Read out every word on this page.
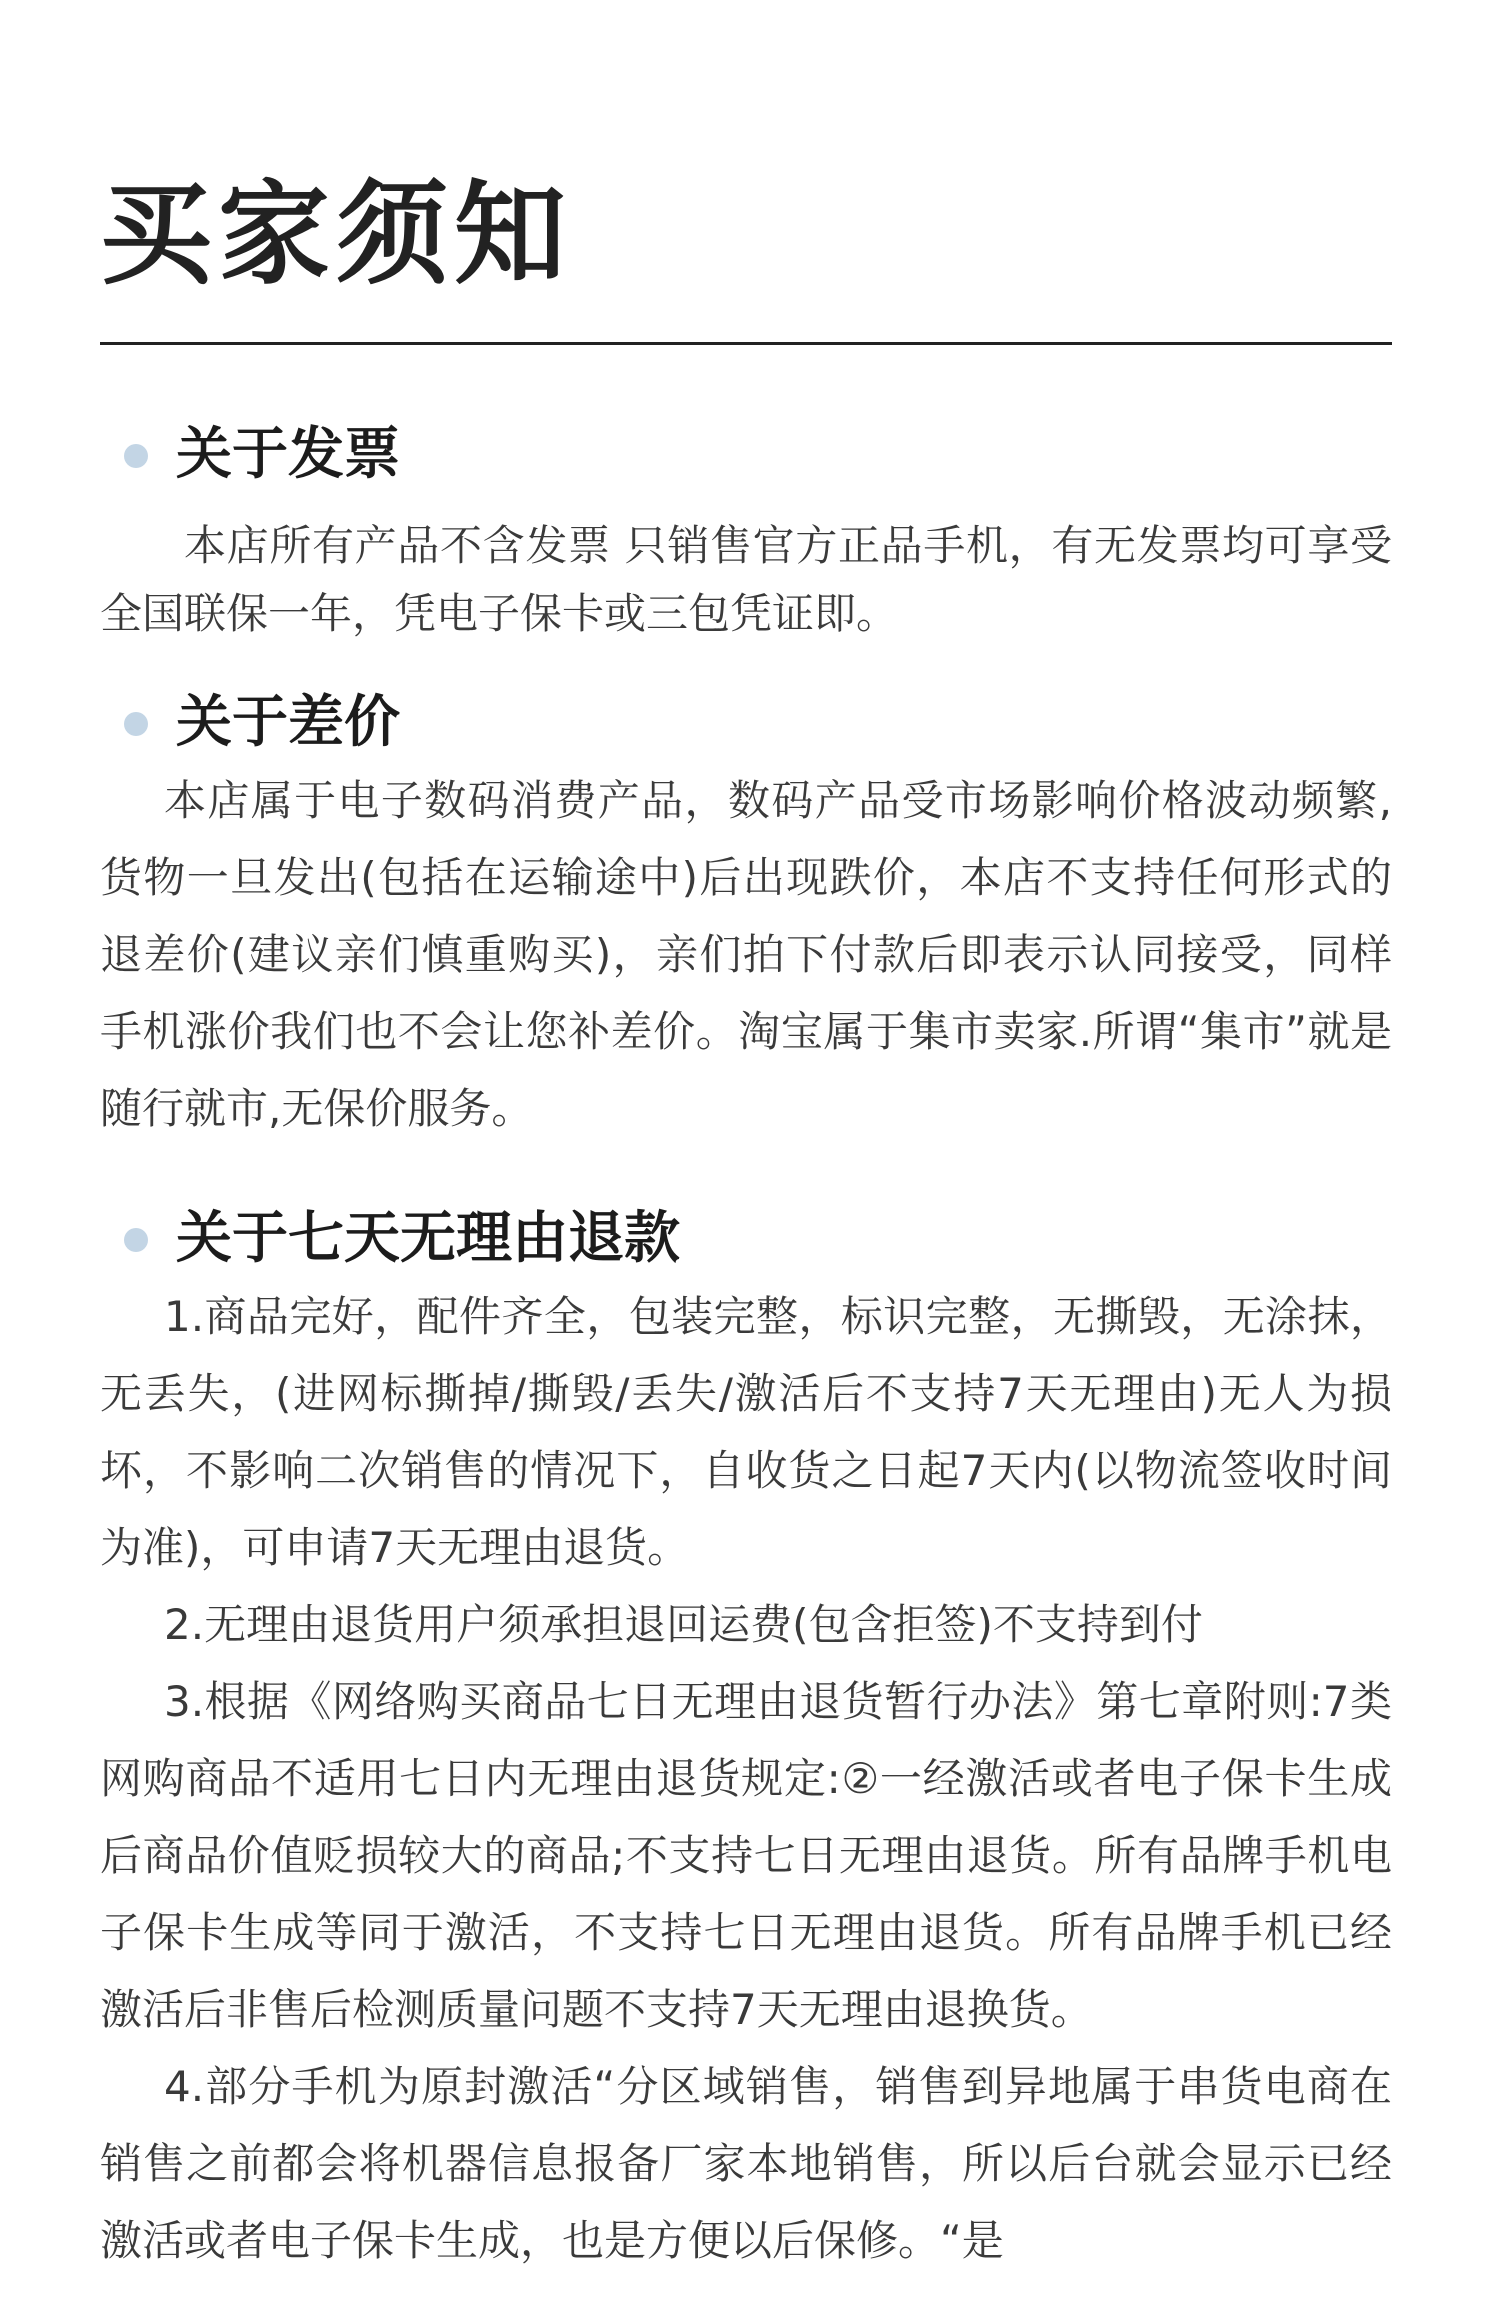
买家须知
关于发票

本店所有产品不含发票 只销售官方正品手机，有无发票均可享受全国联保一年，凭电子保卡或三包凭证即。

关于差价

本店属于电子数码消费产品，数码产品受市场影响价格波动频繁,货物一旦发出(包括在运输途中)后出现跌价，本店不支持任何形式的退差价(建议亲们慎重购买)，亲们拍下付款后即表示认同接受，同样手机涨价我们也不会让您补差价。淘宝属于集市卖家.所谓“集市”就是随行就市,无保价服务。

关于七天无理由退款

1.商品完好，配件齐全，包装完整，标识完整，无撕毁，无涂抹，无丢失，(进网标撕掉/撕毁/丢失/激活后不支持7天无理由)无人为损坏，不影响二次销售的情况下，自收货之日起7天内(以物流签收时间为准)，可申请7天无理由退货。

2.无理由退货用户须承担退回运费(包含拒签)不支持到付

3.根据《网络购买商品七日无理由退货暂行办法》第七章附则:7类网购商品不适用七日内无理由退货规定:②一经激活或者电子保卡生成后商品价值贬损较大的商品;不支持七日无理由退货。所有品牌手机电子保卡生成等同于激活，不支持七日无理由退货。所有品牌手机已经激活后非售后检测质量问题不支持7天无理由退换货。

4.部分手机为原封激活“分区域销售，销售到异地属于串货电商在销售之前都会将机器信息报备厂家本地销售，所以后台就会显示已经激活或者电子保卡生成，也是方便以后保修。“是
